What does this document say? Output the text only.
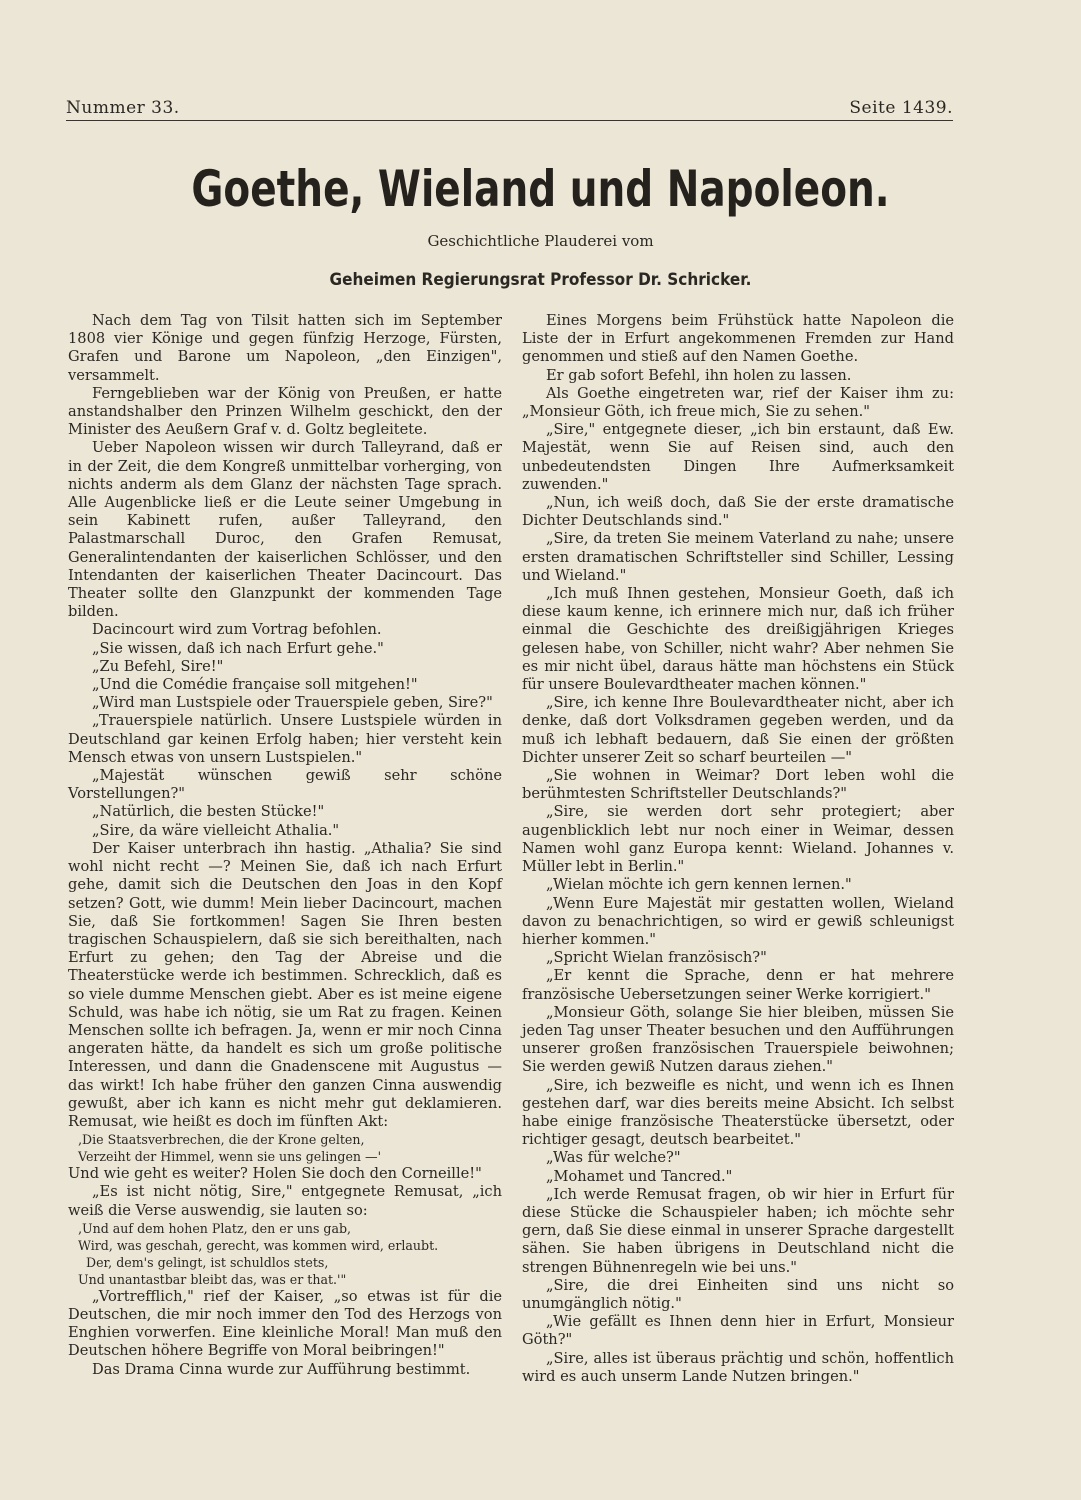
Nummer 33.	Seite 1439.
Goethe, Wieland und Napoleon.
Geschichtliche Plauderei vom
Geheimen Regierungsrat Professor Dr. Schricker.

Nach dem Tag von Tilsit hatten sich im September 1808 vier Könige und gegen fünfzig Herzoge, Fürsten, Grafen und Barone um Napoleon, „den Einzigen", versammelt.

Ferngeblieben war der König von Preußen, er hatte anstandshalber den Prinzen Wilhelm geschickt, den der Minister des Aeußern Graf v. d. Goltz begleitete.

Ueber Napoleon wissen wir durch Talleyrand, daß er in der Zeit, die dem Kongreß unmittelbar vorherging, von nichts anderm als dem Glanz der nächsten Tage sprach. Alle Augenblicke ließ er die Leute seiner Umgebung in sein Kabinett rufen, außer Talleyrand, den Palastmarschall Duroc, den Grafen Remusat, Generalintendanten der kaiserlichen Schlösser, und den Intendanten der kaiserlichen Theater Dacincourt. Das Theater sollte den Glanzpunkt der kommenden Tage bilden.

Dacincourt wird zum Vortrag befohlen.

„Sie wissen, daß ich nach Erfurt gehe."

„Zu Befehl, Sire!"

„Und die Comédie française soll mitgehen!"

„Wird man Lustspiele oder Trauerspiele geben, Sire?"

„Trauerspiele natürlich. Unsere Lustspiele würden in Deutschland gar keinen Erfolg haben; hier versteht kein Mensch etwas von unsern Lustspielen."

„Majestät wünschen gewiß sehr schöne Vorstellungen?"

„Natürlich, die besten Stücke!"

„Sire, da wäre vielleicht Athalia."

Der Kaiser unterbrach ihn hastig. „Athalia? Sie sind wohl nicht recht —? Meinen Sie, daß ich nach Erfurt gehe, damit sich die Deutschen den Joas in den Kopf setzen? Gott, wie dumm! Mein lieber Dacincourt, machen Sie, daß Sie fortkommen! Sagen Sie Ihren besten tragischen Schauspielern, daß sie sich bereithalten, nach Erfurt zu gehen; den Tag der Abreise und die Theaterstücke werde ich bestimmen. Schrecklich, daß es so viele dumme Menschen giebt. Aber es ist meine eigene Schuld, was habe ich nötig, sie um Rat zu fragen. Keinen Menschen sollte ich befragen. Ja, wenn er mir noch Cinna angeraten hätte, da handelt es sich um große politische Interessen, und dann die Gnadenscene mit Augustus — das wirkt! Ich habe früher den ganzen Cinna auswendig gewußt, aber ich kann es nicht mehr gut deklamieren. Remusat, wie heißt es doch im fünften Akt:

‚Die Staatsverbrechen, die der Krone gelten,

Verzeiht der Himmel, wenn sie uns gelingen —'

Und wie geht es weiter? Holen Sie doch den Corneille!"

„Es ist nicht nötig, Sire," entgegnete Remusat, „ich weiß die Verse auswendig, sie lauten so:

‚Und auf dem hohen Platz, den er uns gab,

Wird, was geschah, gerecht, was kommen wird, erlaubt.

Der, dem's gelingt, ist schuldlos stets,

Und unantastbar bleibt das, was er that.'"

„Vortrefflich," rief der Kaiser, „so etwas ist für die Deutschen, die mir noch immer den Tod des Herzogs von Enghien vorwerfen. Eine kleinliche Moral! Man muß den Deutschen höhere Begriffe von Moral beibringen!"

Das Drama Cinna wurde zur Aufführung bestimmt.

Eines Morgens beim Frühstück hatte Napoleon die Liste der in Erfurt angekommenen Fremden zur Hand genommen und stieß auf den Namen Goethe.

Er gab sofort Befehl, ihn holen zu lassen.

Als Goethe eingetreten war, rief der Kaiser ihm zu: „Monsieur Göth, ich freue mich, Sie zu sehen."

„Sire," entgegnete dieser, „ich bin erstaunt, daß Ew. Majestät, wenn Sie auf Reisen sind, auch den unbedeutendsten Dingen Ihre Aufmerksamkeit zuwenden."

„Nun, ich weiß doch, daß Sie der erste dramatische Dichter Deutschlands sind."

„Sire, da treten Sie meinem Vaterland zu nahe; unsere ersten dramatischen Schriftsteller sind Schiller, Lessing und Wieland."

„Ich muß Ihnen gestehen, Monsieur Goeth, daß ich diese kaum kenne, ich erinnere mich nur, daß ich früher einmal die Geschichte des dreißigjährigen Krieges gelesen habe, von Schiller, nicht wahr? Aber nehmen Sie es mir nicht übel, daraus hätte man höchstens ein Stück für unsere Boulevardtheater machen können."

„Sire, ich kenne Ihre Boulevardtheater nicht, aber ich denke, daß dort Volksdramen gegeben werden, und da muß ich lebhaft bedauern, daß Sie einen der größten Dichter unserer Zeit so scharf beurteilen —"

„Sie wohnen in Weimar? Dort leben wohl die berühmtesten Schriftsteller Deutschlands?"

„Sire, sie werden dort sehr protegiert; aber augenblicklich lebt nur noch einer in Weimar, dessen Namen wohl ganz Europa kennt: Wieland. Johannes v. Müller lebt in Berlin."

„Wielan möchte ich gern kennen lernen."

„Wenn Eure Majestät mir gestatten wollen, Wieland davon zu benachrichtigen, so wird er gewiß schleunigst hierher kommen."

„Spricht Wielan französisch?"

„Er kennt die Sprache, denn er hat mehrere französische Uebersetzungen seiner Werke korrigiert."

„Monsieur Göth, solange Sie hier bleiben, müssen Sie jeden Tag unser Theater besuchen und den Aufführungen unserer großen französischen Trauerspiele beiwohnen; Sie werden gewiß Nutzen daraus ziehen."

„Sire, ich bezweifle es nicht, und wenn ich es Ihnen gestehen darf, war dies bereits meine Absicht. Ich selbst habe einige französische Theaterstücke übersetzt, oder richtiger gesagt, deutsch bearbeitet."

„Was für welche?"

„Mohamet und Tancred."

„Ich werde Remusat fragen, ob wir hier in Erfurt für diese Stücke die Schauspieler haben; ich möchte sehr gern, daß Sie diese einmal in unserer Sprache dargestellt sähen. Sie haben übrigens in Deutschland nicht die strengen Bühnenregeln wie bei uns."

„Sire, die drei Einheiten sind uns nicht so unumgänglich nötig."

„Wie gefällt es Ihnen denn hier in Erfurt, Monsieur Göth?"

„Sire, alles ist überaus prächtig und schön, hoffentlich wird es auch unserm Lande Nutzen bringen."
